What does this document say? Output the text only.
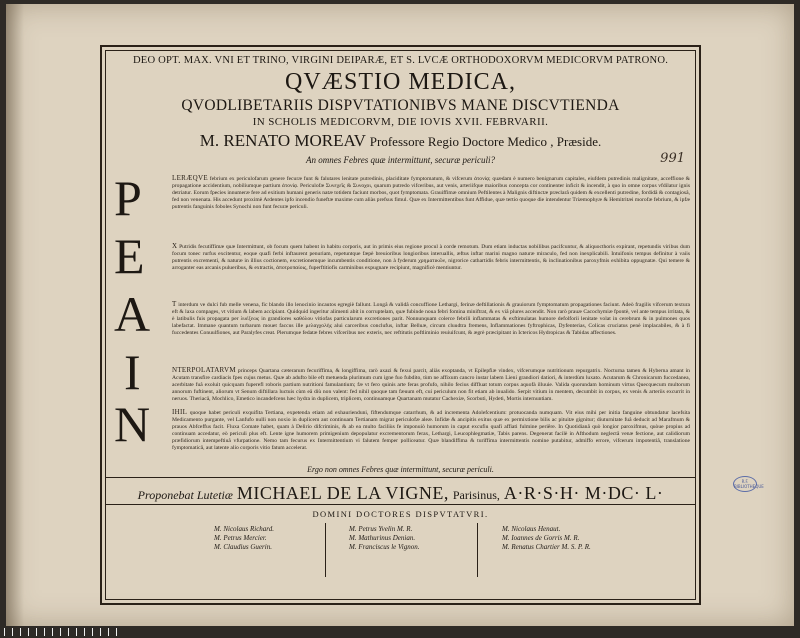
DEO OPT. MAX. VNI ET TRINO, VIRGINI DEIPARÆ, ET S. LVCÆ ORTHODOXORVM MEDICORVM PATRONO.
QVÆSTIO MEDICA,
QVODLIBETARIIS DISPVTATIONIBVS MANE DISCVTIENDA
IN SCHOLIS MEDICORVM, DIE IOVIS XVII. FEBRVARII.
M. RENATO MOREAV Professore Regio Doctore Medico , Præside.
An omnes Febres quæ intermittunt, securæ periculi?	991
P
E
A
I
N
LERÆQVE febrium ex periculofarum genere fecuræ funt & falutares lenitate putredinis, placiditate fymptomatum, & vifcerum ἀτονίᾳ; quædam è numero benignarum capitales, eiufdem putredinis malignitate, acceffione & propagatione accidentium, nobiliumque partium ἀτονίᾳ. Periculofæ Συνεχεῖς & Συνοχοι, quarum putredo vifceribus, aut venis, arteriifque maioribus concepta cor continenter inficit & incendit, à quo in omne corpus vfdilatur ignis detriatur. Eorum fpecies innumeræ fere ad exitium humani generis natæ totidem faciunt morbos, quot fymptomata. Grauiffimæ omnium Peftilentes à Malignis diftinctæ præclarâ quidem & excellenti putredine, fordidâ & contagiosâ, fed non venenata. His accedunt proximè Ardentes ipfo incendio funeftæ maxime cum aliàs prefsus fimul. Quæ ex Intermittentibus funt Affidue, quæ tertio quoque die intendentur Triæmophyæ & Hemitritæi morofæ febrium, & ipfæ putrentis fanguinis foboles Synochi non funt fecuræ periculi.
X Putridis fecutiffimæ quæ Intermittunt, ob focum quem habent in habitu corporis, aut in primis eius regione procul à corde remotum. Dum etiam inductas nobilibus pacifcuntur, & aliquocthoris expirant, repetundis viribus dum focum tonec rurfus excitentur, eoque quafi ferbi inftaurent penuriam, repetuntque fæpè breuioribus longioribus interuallis, æftus inftar marini magno naturæ miraculo, fed non inexplicabili. Intuifonis tempus definitur à vaiis putrentis excrementi, & naturæ in illius coctionem, excretionemque incumbentis conditione, non à fyderum χρηματικῶν, nigrorice cathartidis febris intermittentis, & inclinationibus paroxyfmis exhibita oppugnatæ. Qui temere & arroganter eas arcanis pulueribus, & extractis, ἀποτροπαίοις, fuperftitiofis carminibus expugnare recipiunt, magnificè mentiuntur.
T interdum ve dulci fub melle venena, fic blando illo lenocinio incautos egregiè fallunt. Longâ & validâ concuffione Lethargi, ferinæ deftillationis & grauiorum fymptomatum propagationes faciunt. Adeò fragilis vifcerum textura eft & laxa compages, vt vitium & labem accipiant. Quidquid ingeritur alimenti abit in corruptelam, quæ fubinde noua febri fomina miniftrat, & ex viâ plures accendit. Non rarò prauæ Cacochymiæ fpontè, vel ante tempus irritata, & è latibulis fuis propagata per λυέξεως in grandiores καθόλου vitiofas particularum excretiones parit. Nonnunquam colerce febrili inflammatas & exftimulatas humore defolforii lenitate volat in cerebrum & in pulmones quos labefactat. Immane quantum turbarum mouet faccus ille μελαγχολὴς alui carceribus conclufus, inftar Belluæ, circum cluudtra fremens, Inflammationes fyftrophicas, Dyfenterias, Colicas cruciatus penè implacabiles, & à fi fuccedentes Conuulfiones, aut Paralyfes creat. Plerumque fedatæ febres vifceribus nec exteris, nec reftitutis poftliminio reuiuifcunt, & ægrè præcipitant in Ictericos Hydropicas & Tabidas affectiones.
NTERPOLATARVM princeps Quartana cæterarum fecuriffima, & longiffima, rarò axazi & fexui parcit, aliàs exoptanda, vt Epilepfiæ vindex, vifcerumque nutritionum repurgatrix. Nocturna tamen & Hyberna amant in Acutam transfire cardiacis fpes cujus metus. Quæ ab adufto bile eft metuenda plurimum cum igne fuo fubdito, tùm ne affixum cancro instar labem Lieni grandiori datiori, & interdùm luxato. Acutarum & Chronicarum fuccedanea, acerbitate fuâ exoluit quicquam fuperefl roboris partium nutritioni famulantium; fæ vt fero quinis arte feras profufo, nihilo fecius diffluat totum corpus aquofà illuuie. Valida quorundam hominum virtus Quecquecum multorum annorum fuftinent, aliorum vt Senum diftillara luctuis cùm eâ diù non valent: fed nihil quoque tam fæuum eft, cui periculum non fit etiam ab inualido. Serpit vitium in mentem, decumbit in corpus, ex venis & arteriis excurrit in neruos. Theriacâ, Mochlico, Emetico incandefcens hæc hydra in duplicem, triplicem, continuamque Quartanam mutatur Cachexiæ, Scorbuti, Hydeti, Mortis internuntiam.
IHIL quoque habet periculi exquifita Tertiana, expetenda etiam ad exhaurienduni, fiftendumque catarrhum, & ad incrementa Adolefcentium: protuocanda numquam. Vit eius mihi per initia fanguine obtundatur lacefsita Medicamento purgante, vel Lanfufo nulli non noxio in duplicem aut continuam Tertianam migrat periculofæ aleæ. Infidæ & ancipitis exitus quæ ex permixtione bilis ac pituitæ gignitur; diuturnitate fuâ deducit ad Marafmum & prauos Abfceffus facit. Fluxa Comate habet, quam à Delirio difcriminis, & ab ea multo faciliùs fe imponuiò humorum in caput excufiu quafi affiati fulmine periêre. In Quotidianâ quò longior paroxifmus, quòue propius ad continuam accedatur, eò periculi plus eft. Lente igne humorem primigenium depopulatur excrementorum ferax, Lethargi, Leucophlegmatiæ, Tabis parens. Degenerat facilè in Afthodum neglectâ venæ fectione, aut calidiorum præfidiorum intempeftiuâ vfurpatione. Nemo tam fecurus ex Intermittentium vi falutem femper polliceatur. Quæ blandiffima & turiffima intermittentis nomine putabitur, admiffo errore, vifcerum impotentiâ, translatione fymptomaticâ, aut latente alio corporis vitio fatum accelerat.
Ergo non omnes Febres quæ intermittunt, securæ periculi.
Proponebat Lutetiæ MICHAEL DE LA VIGNE, Parisinus, A·R·S·H· M·DC· L·
DOMINI DOCTORES DISPVTATVRI.
M. Nicolaus Richard.
M. Petrus Mercier.
M. Claudius Guerin.
M. Petrus Yvelin M. R.
M. Mathurinus Denian.
M. Franciscus le Vignon.
M. Nicolaus Henaut.
M. Ioannes de Gorris M. R.
M. Renatus Chartier M. S. P. R.
R.F. BIBLIOTHEQUE
